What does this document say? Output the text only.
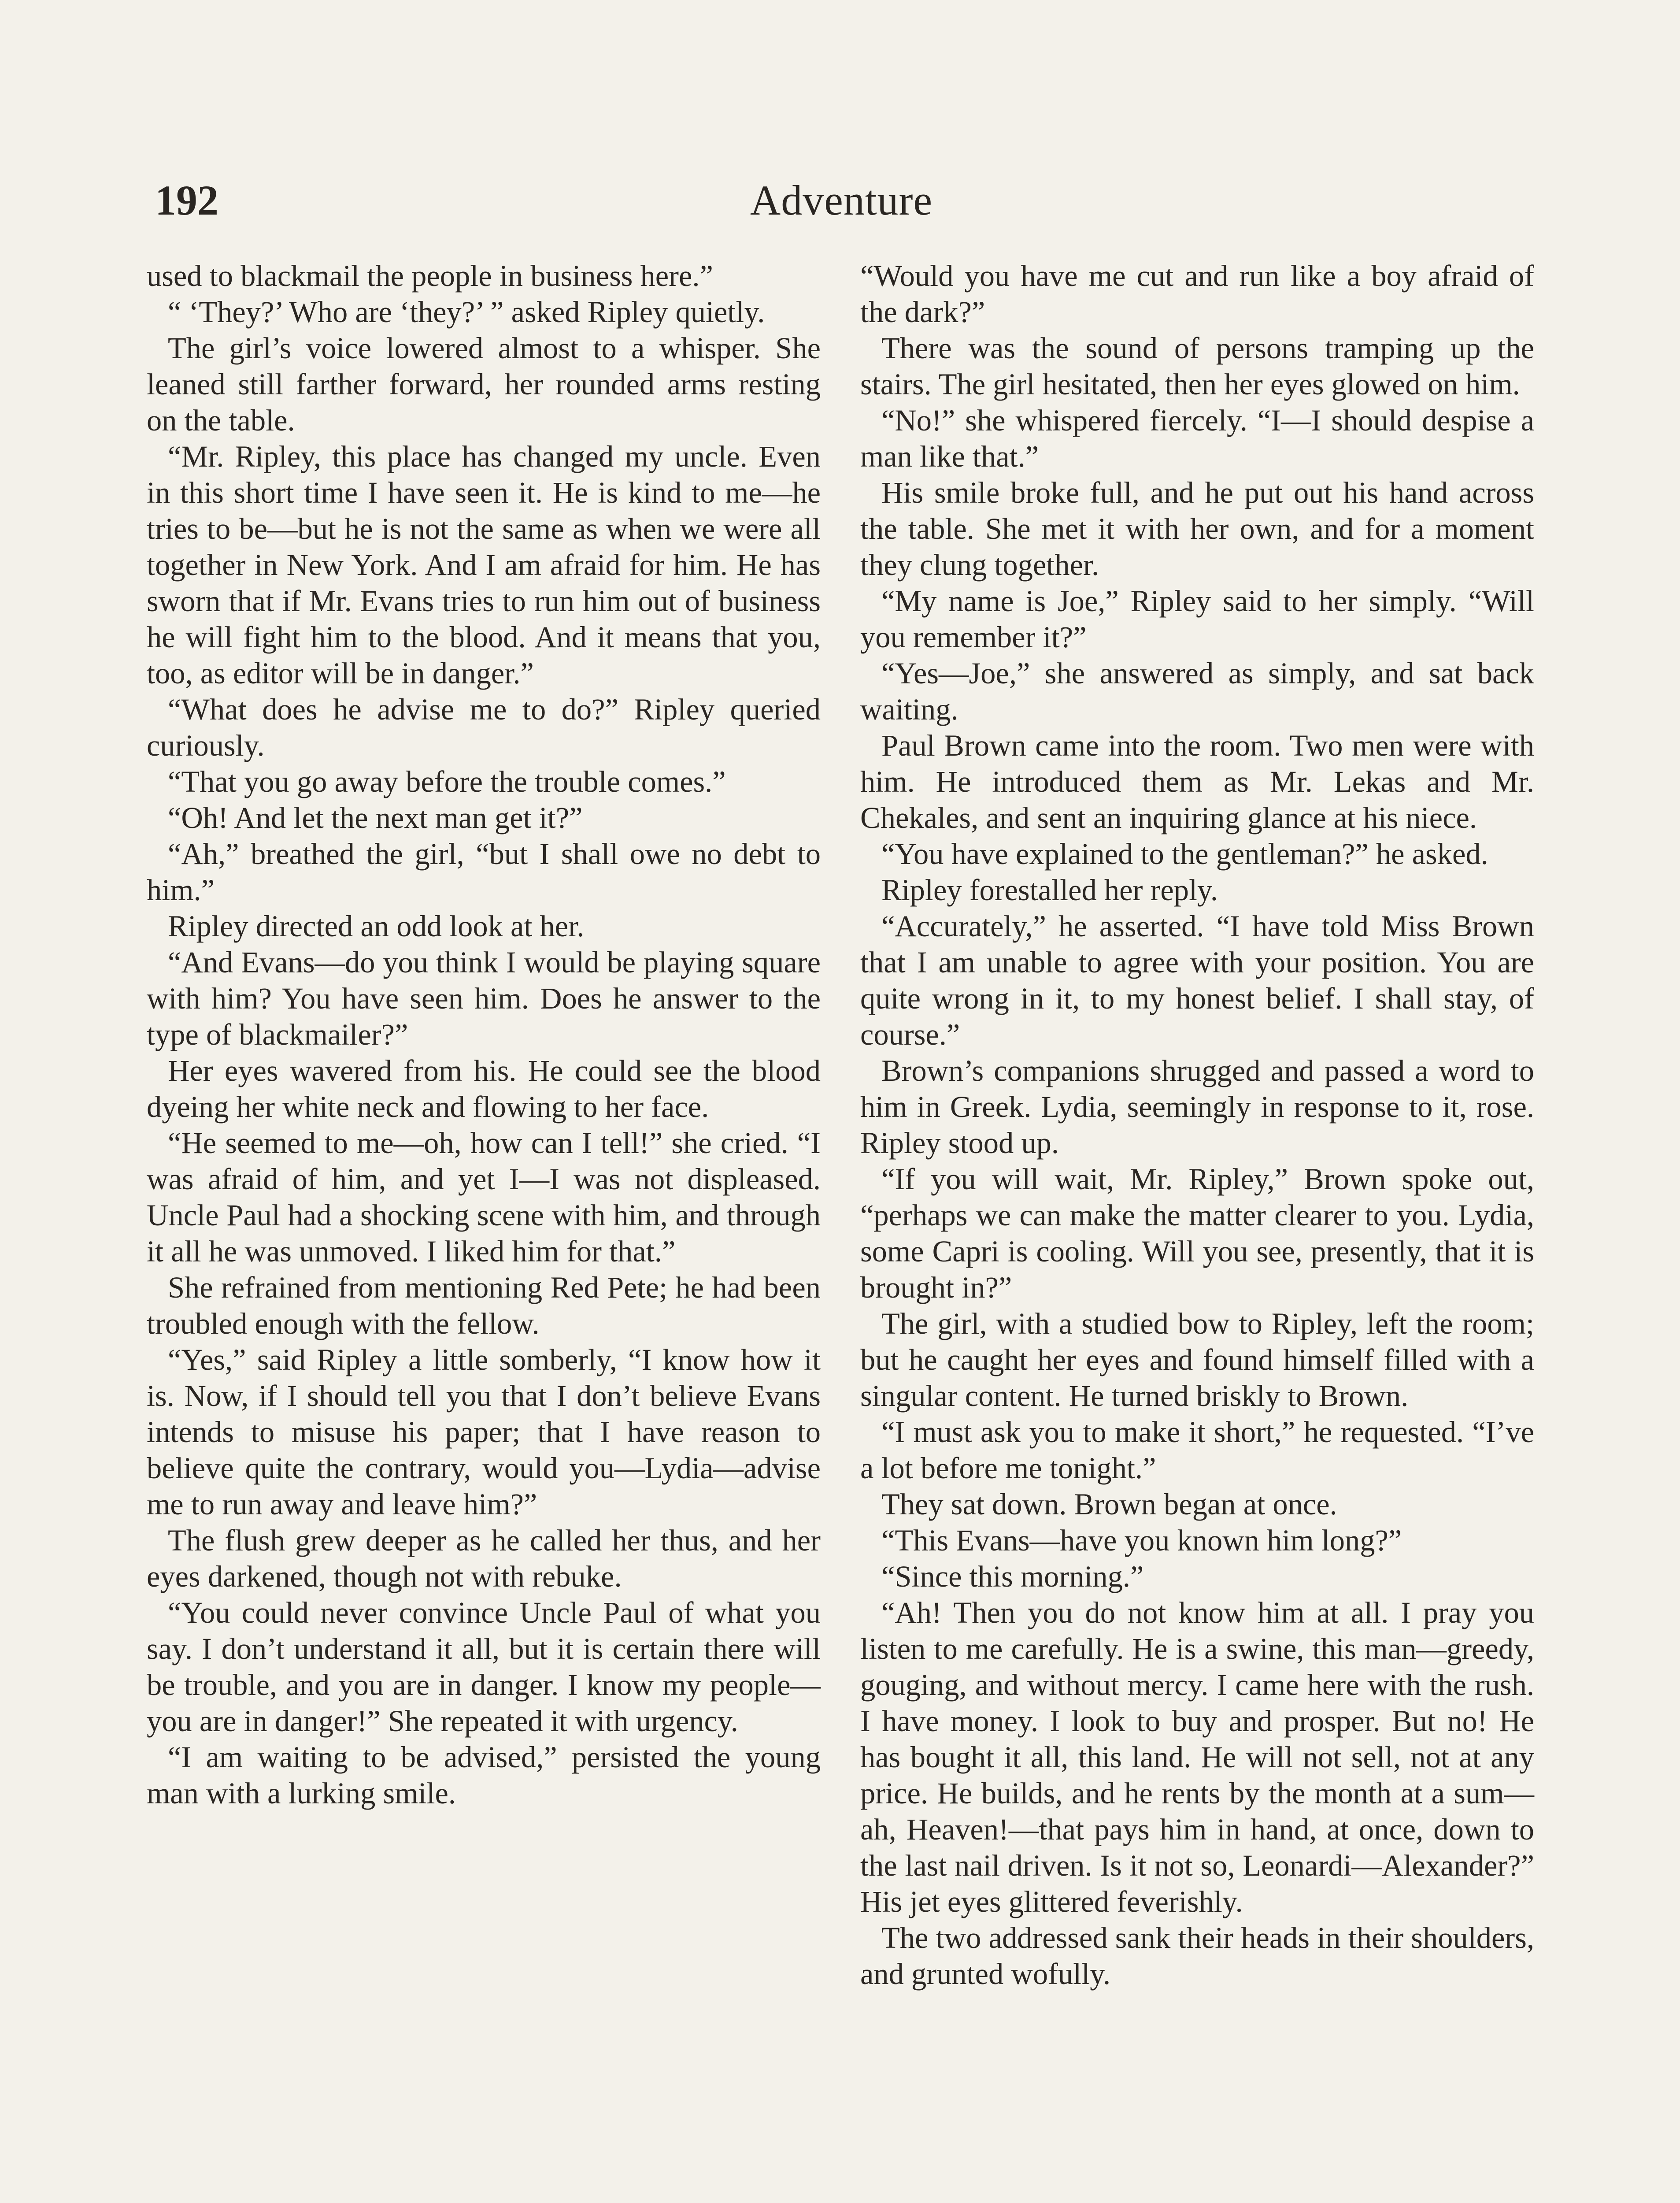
192	Adventure

used to blackmail the people in business here.”

“ ‘They?’ Who are ‘they?’ ” asked Ripley quietly.

The girl’s voice lowered almost to a whisper. She leaned still farther forward, her rounded arms resting on the table.

“Mr. Ripley, this place has changed my uncle. Even in this short time I have seen it. He is kind to me—he tries to be—but he is not the same as when we were all together in New York. And I am afraid for him. He has sworn that if Mr. Evans tries to run him out of business he will fight him to the blood. And it means that you, too, as editor will be in danger.”

“What does he advise me to do?” Ripley queried curiously.

“That you go away before the trouble comes.”

“Oh! And let the next man get it?”

“Ah,” breathed the girl, “but I shall owe no debt to him.”

Ripley directed an odd look at her.

“And Evans—do you think I would be playing square with him? You have seen him. Does he answer to the type of blackmailer?”

Her eyes wavered from his. He could see the blood dyeing her white neck and flowing to her face.

“He seemed to me—oh, how can I tell!” she cried. “I was afraid of him, and yet I—I was not displeased. Uncle Paul had a shocking scene with him, and through it all he was unmoved. I liked him for that.”

She refrained from mentioning Red Pete; he had been troubled enough with the fellow.

“Yes,” said Ripley a little somberly, “I know how it is. Now, if I should tell you that I don’t believe Evans intends to misuse his paper; that I have reason to believe quite the contrary, would you—Lydia—advise me to run away and leave him?”

The flush grew deeper as he called her thus, and her eyes darkened, though not with rebuke.

“You could never convince Uncle Paul of what you say. I don’t understand it all, but it is certain there will be trouble, and you are in danger. I know my people—you are in danger!” She repeated it with urgency.

“I am waiting to be advised,” persisted the young man with a lurking smile.

“Would you have me cut and run like a boy afraid of the dark?”

There was the sound of persons tramping up the stairs. The girl hesitated, then her eyes glowed on him.

“No!” she whispered fiercely. “I—I should despise a man like that.”

His smile broke full, and he put out his hand across the table. She met it with her own, and for a moment they clung together.

“My name is Joe,” Ripley said to her simply. “Will you remember it?”

“Yes—Joe,” she answered as simply, and sat back waiting.

Paul Brown came into the room. Two men were with him. He introduced them as Mr. Lekas and Mr. Chekales, and sent an inquiring glance at his niece.

“You have explained to the gentleman?” he asked.

Ripley forestalled her reply.

“Accurately,” he asserted. “I have told Miss Brown that I am unable to agree with your position. You are quite wrong in it, to my honest belief. I shall stay, of course.”

Brown’s companions shrugged and passed a word to him in Greek. Lydia, seemingly in response to it, rose. Ripley stood up.

“If you will wait, Mr. Ripley,” Brown spoke out, “perhaps we can make the matter clearer to you. Lydia, some Capri is cooling. Will you see, presently, that it is brought in?”

The girl, with a studied bow to Ripley, left the room; but he caught her eyes and found himself filled with a singular content. He turned briskly to Brown.

“I must ask you to make it short,” he requested. “I’ve a lot before me tonight.”

They sat down. Brown began at once.

“This Evans—have you known him long?”

“Since this morning.”

“Ah! Then you do not know him at all. I pray you listen to me carefully. He is a swine, this man—greedy, gouging, and without mercy. I came here with the rush. I have money. I look to buy and prosper. But no! He has bought it all, this land. He will not sell, not at any price. He builds, and he rents by the month at a sum—ah, Heaven!—that pays him in hand, at once, down to the last nail driven. Is it not so, Leonardi—Alexander?” His jet eyes glittered feverishly.

The two addressed sank their heads in their shoulders, and grunted wofully.
